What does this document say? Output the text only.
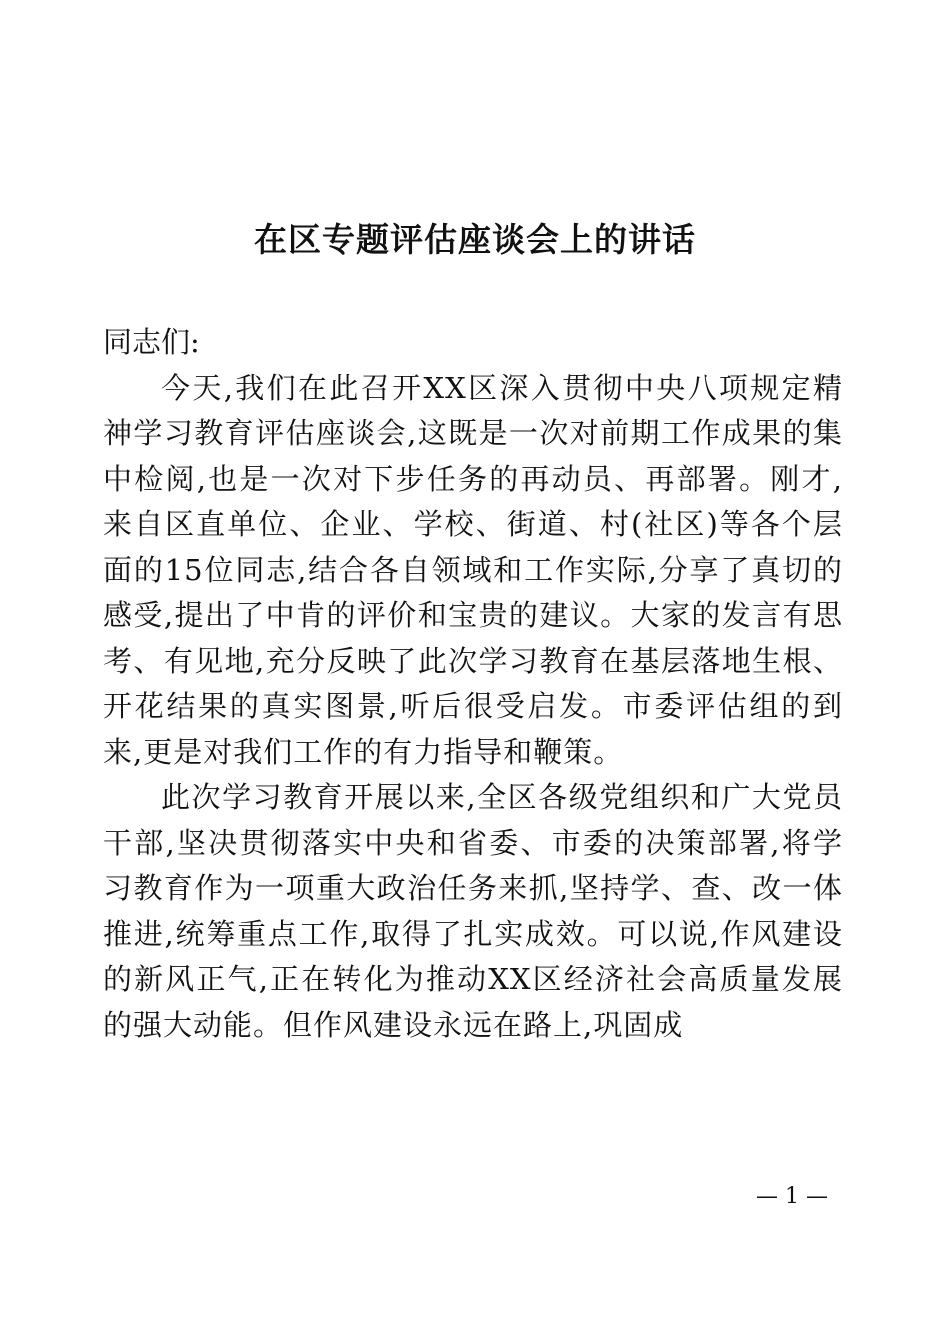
在区专题评估座谈会上的讲话

同志们:

今天,我们在此召开XX区深入贯彻中央八项规定精神学习教育评估座谈会,这既是一次对前期工作成果的集中检阅,也是一次对下步任务的再动员、再部署。刚才,来自区直单位、企业、学校、街道、村(社区)等各个层面的15位同志,结合各自领域和工作实际,分享了真切的感受,提出了中肯的评价和宝贵的建议。大家的发言有思考、有见地,充分反映了此次学习教育在基层落地生根、开花结果的真实图景,听后很受启发。市委评估组的到来,更是对我们工作的有力指导和鞭策。

此次学习教育开展以来,全区各级党组织和广大党员干部,坚决贯彻落实中央和省委、市委的决策部署,将学习教育作为一项重大政治任务来抓,坚持学、查、改一体推进,统筹重点工作,取得了扎实成效。可以说,作风建设的新风正气,正在转化为推动XX区经济社会高质量发展的强大动能。但作风建设永远在路上,巩固成

— 1 —
